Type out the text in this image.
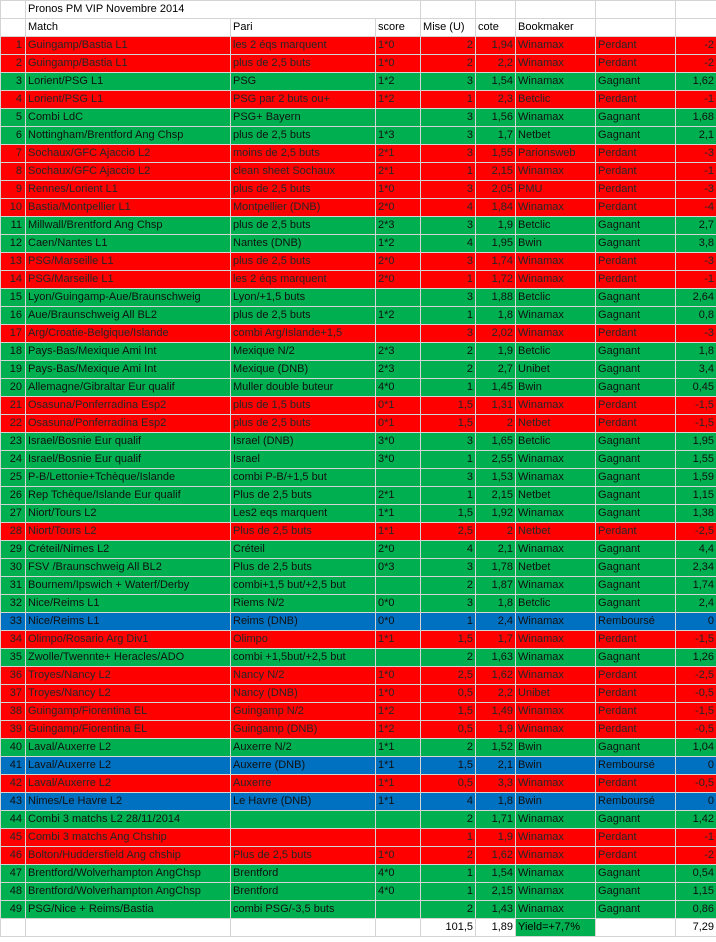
	Pronos PM VIP Novembre 2014							
	Match	Pari	score	Mise (U)	cote	Bookmaker		
1	Guingamp/Bastia L1	les 2 éqs marquent	1*0	2	1,94	Winamax	Perdant	-2
2	Guingamp/Bastia L1	plus de 2,5 buts	1*0	2	2,2	Winamax	Perdant	-2
3	Lorient/PSG L1	PSG	1*2	3	1,54	Winamax	Gagnant	1,62
4	Lorient/PSG L1	PSG par 2 buts ou+	1*2	1	2,3	Betclic	Perdant	-1
5	Combi LdC	PSG+ Bayern		3	1,56	Winamax	Gagnant	1,68
6	Nottingham/Brentford Ang Chsp	plus de 2,5 buts	1*3	3	1,7	Netbet	Gagnant	2,1
7	Sochaux/GFC Ajaccio L2	moins de 2,5 buts	2*1	3	1,55	Parionsweb	Perdant	-3
8	Sochaux/GFC Ajaccio L2	clean sheet Sochaux	2*1	1	2,15	Winamax	Perdant	-1
9	Rennes/Lorient L1	plus de 2,5 buts	1*0	3	2,05	PMU	Perdant	-3
10	Bastia/Montpellier L1	Montpellier (DNB)	2*0	4	1,84	Winamax	Perdant	-4
11	Millwall/Brentford Ang Chsp	plus de 2,5 buts	2*3	3	1,9	Betclic	Gagnant	2,7
12	Caen/Nantes L1	Nantes (DNB)	1*2	4	1,95	Bwin	Gagnant	3,8
13	PSG/Marseille L1	plus de 2,5 buts	2*0	3	1,74	Winamax	Perdant	-3
14	PSG/Marseille L1	les 2 éqs marquent	2*0	1	1,72	Winamax	Perdant	-1
15	Lyon/Guingamp-Aue/Braunschweig	Lyon/+1,5 buts		3	1,88	Betclic	Gagnant	2,64
16	Aue/Braunschweig All BL2	plus de 2,5 buts	1*2	1	1,8	Winamax	Gagnant	0,8
17	Arg/Croatie-Belgique/Islande	combi Arg/Islande+1,5		3	2,02	Winamax	Perdant	-3
18	Pays-Bas/Mexique Ami Int	Mexique N/2	2*3	2	1,9	Betclic	Gagnant	1,8
19	Pays-Bas/Mexique Ami Int	Mexique (DNB)	2*3	2	2,7	Unibet	Gagnant	3,4
20	Allemagne/Gibraltar Eur qualif	Muller double buteur	4*0	1	1,45	Bwin	Gagnant	0,45
21	Osasuna/Ponferradina Esp2	plus de 1,5 buts	0*1	1,5	1,31	Winamax	Perdant	-1,5
22	Osasuna/Ponferradina Esp2	plus de 2,5 buts	0*1	1,5	2	Netbet	Perdant	-1,5
23	Israel/Bosnie Eur qualif	Israel (DNB)	3*0	3	1,65	Betclic	Gagnant	1,95
24	Israel/Bosnie Eur qualif	Israel	3*0	1	2,55	Winamax	Gagnant	1,55
25	P-B/Lettonie+Tchèque/Islande	combi P-B/+1,5 but		3	1,53	Winamax	Gagnant	1,59
26	Rep Tchèque/Islande Eur qualif	Plus de 2,5 buts	2*1	1	2,15	Netbet	Gagnant	1,15
27	Niort/Tours L2	Les2 eqs marquent	1*1	1,5	1,92	Winamax	Gagnant	1,38
28	Niort/Tours L2	Plus de 2,5 buts	1*1	2,5	2	Netbet	Perdant	-2,5
29	Créteil/Nimes L2	Créteil	2*0	4	2,1	Winamax	Gagnant	4,4
30	FSV /Braunschweig All BL2	Plus de 2,5 buts	0*3	3	1,78	Netbet	Gagnant	2,34
31	Bournem/Ipswich + Waterf/Derby	combi+1,5 but/+2,5 but		2	1,87	Winamax	Gagnant	1,74
32	Nice/Reims L1	Riems N/2	0*0	3	1,8	Betclic	Gagnant	2,4
33	Nice/Reims L1	Reims (DNB)	0*0	1	2,4	Winamax	Remboursé	0
34	Olimpo/Rosario Arg Div1	Olimpo	1*1	1,5	1,7	Winamax	Perdant	-1,5
35	Zwolle/Twennte+ Heracles/ADO	combi +1,5but/+2,5 but		2	1,63	Winamax	Gagnant	1,26
36	Troyes/Nancy L2	Nancy N/2	1*0	2,5	1,62	Winamax	Perdant	-2,5
37	Troyes/Nancy L2	Nancy (DNB)	1*0	0,5	2,2	Unibet	Perdant	-0,5
38	Guingamp/Fiorentina EL	Guingamp N/2	1*2	1,5	1,49	Winamax	Perdant	-1,5
39	Guingamp/Fiorentina EL	Guingamp (DNB)	1*2	0,5	1,9	Winamax	Perdant	-0,5
40	Laval/Auxerre L2	Auxerre N/2	1*1	2	1,52	Bwin	Gagnant	1,04
41	Laval/Auxerre L2	Auxerre (DNB)	1*1	1,5	2,1	Bwin	Remboursé	0
42	Laval/Auxerre L2	Auxerre	1*1	0,5	3,3	Winamax	Perdant	-0,5
43	Nimes/Le Havre L2	Le Havre (DNB)	1*1	4	1,8	Bwin	Remboursé	0
44	Combi 3 matchs L2 28/11/2014			2	1,71	Winamax	Gagnant	1,42
45	Combi 3 matchs Ang Chship			1	1,9	Winamax	Perdant	-1
46	Bolton/Huddersfield Ang chship	Plus de 2,5 buts	1*0	2	1,62	Winamax	Perdant	-2
47	Brentford/Wolverhampton AngChsp	Brentford	4*0	1	1,54	Winamax	Gagnant	0,54
48	Brentford/Wolverhampton AngChsp	Brentford	4*0	1	2,15	Winamax	Gagnant	1,15
49	PSG/Nice + Reims/Bastia	combi PSG/-3,5 buts		2	1,43	Winamax	Gagnant	0,86
				101,5	1,89	Yield=+7,7%		7,29
